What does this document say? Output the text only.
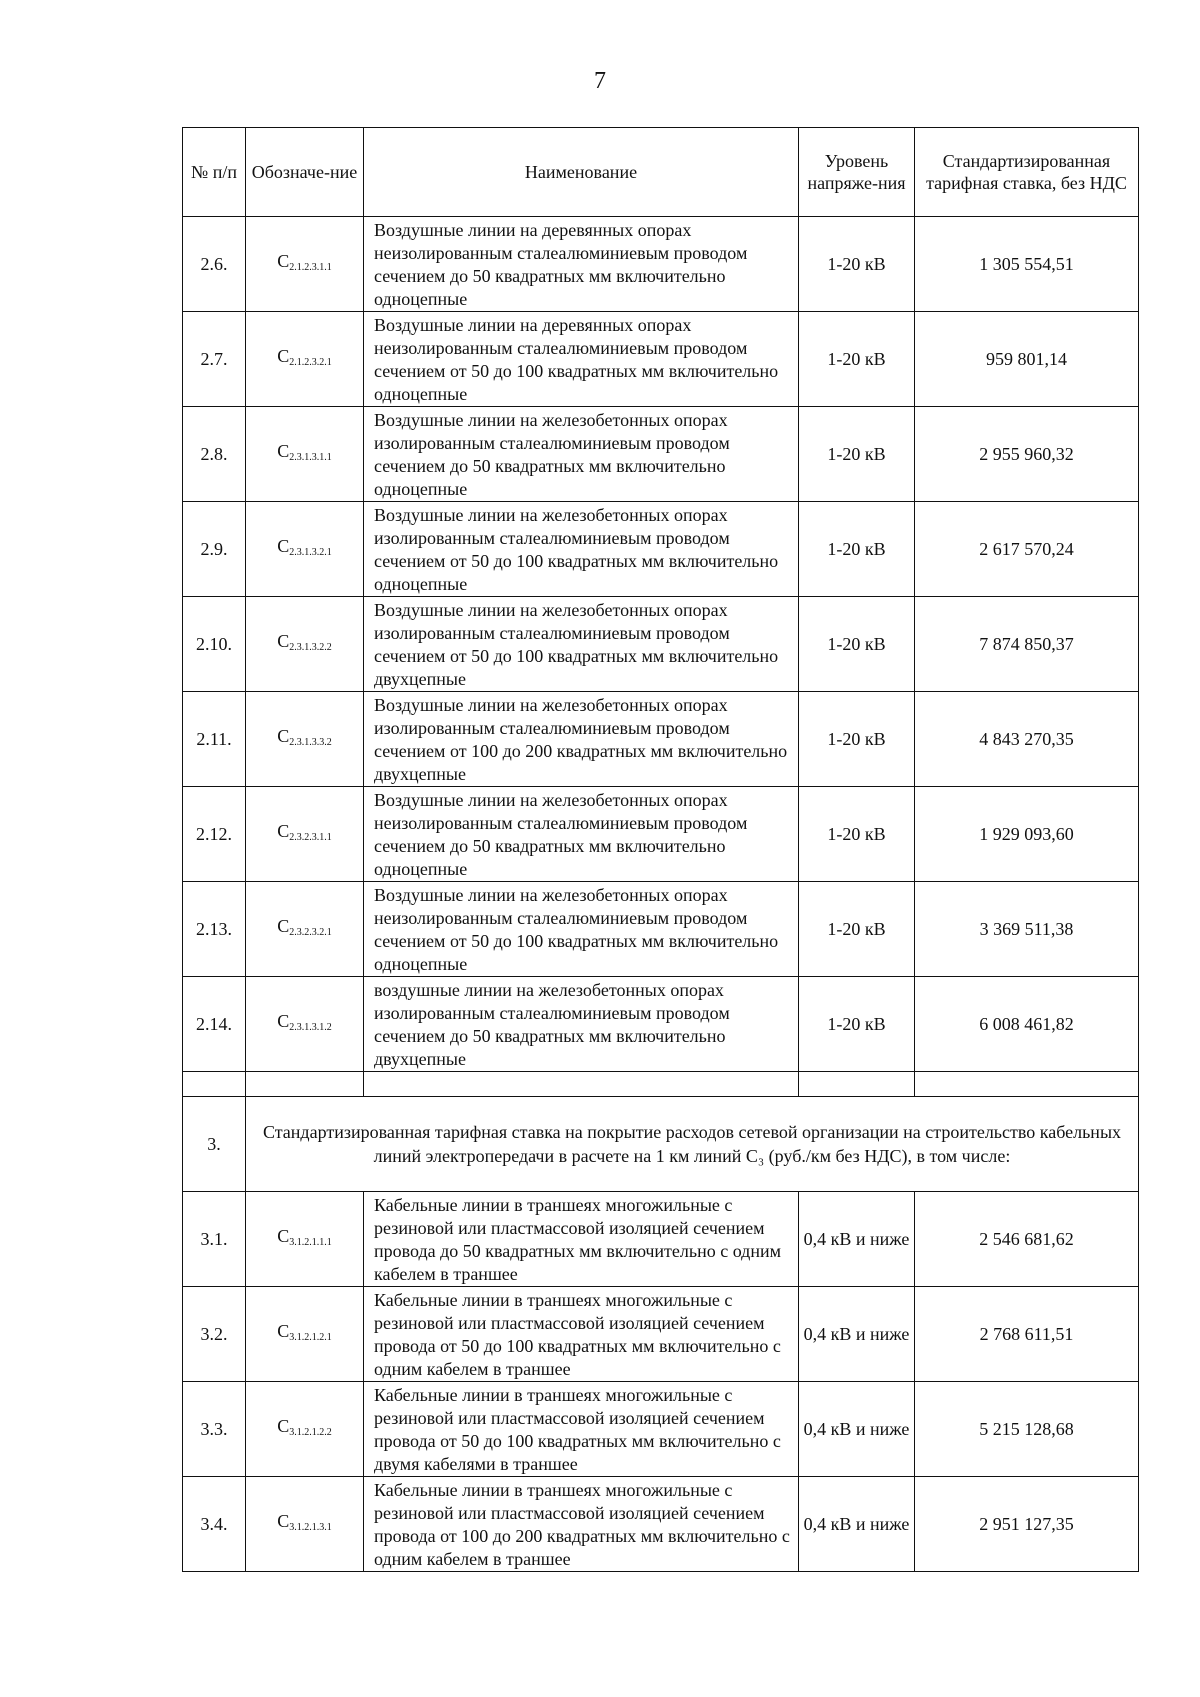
7
№ п/п	Обозначе-ние	Наименование	Уровень напряже-ния	Стандартизированная тарифная ставка, без НДС
2.6.	$С_{2.1.2.3.1.1}$	Воздушные линии на деревянных опорах неизолированным сталеалюминиевым проводом сечением до 50 квадратных мм включительно одноцепные	1-20 кВ	1 305 554,51
2.7.	$С_{2.1.2.3.2.1}$	Воздушные линии на деревянных опорах неизолированным сталеалюминиевым проводом сечением от 50 до 100 квадратных мм включительно одноцепные	1-20 кВ	959 801,14
2.8.	$С_{2.3.1.3.1.1}$	Воздушные линии на железобетонных опорах изолированным сталеалюминиевым проводом сечением до 50 квадратных мм включительно одноцепные	1-20 кВ	2 955 960,32
2.9.	$С_{2.3.1.3.2.1}$	Воздушные линии на железобетонных опорах изолированным сталеалюминиевым проводом сечением от 50 до 100 квадратных мм включительно одноцепные	1-20 кВ	2 617 570,24
2.10.	$С_{2.3.1.3.2.2}$	Воздушные линии на железобетонных опорах изолированным сталеалюминиевым проводом сечением от 50 до 100 квадратных мм включительно двухцепные	1-20 кВ	7 874 850,37
2.11.	$С_{2.3.1.3.3.2}$	Воздушные линии на железобетонных опорах изолированным сталеалюминиевым проводом сечением от 100 до 200 квадратных мм включительно двухцепные	1-20 кВ	4 843 270,35
2.12.	$С_{2.3.2.3.1.1}$	Воздушные линии на железобетонных опорах неизолированным сталеалюминиевым проводом сечением до 50 квадратных мм включительно одноцепные	1-20 кВ	1 929 093,60
2.13.	$С_{2.3.2.3.2.1}$	Воздушные линии на железобетонных опорах неизолированным сталеалюминиевым проводом сечением от 50 до 100 квадратных мм включительно одноцепные	1-20 кВ	3 369 511,38
2.14.	$С_{2.3.1.3.1.2}$	воздушные линии на железобетонных опорах изолированным сталеалюминиевым проводом сечением до 50 квадратных мм включительно двухцепные	1-20 кВ	6 008 461,82

3.	Стандартизированная тарифная ставка на покрытие расходов сетевой организации на строительство кабельных линий электропередачи в расчете на 1 км линий С₃ (руб./км без НДС), в том числе:			
3.1.	$С_{3.1.2.1.1.1}$	Кабельные линии в траншеях многожильные с резиновой или пластмассовой изоляцией сечением провода до 50 квадратных мм включительно с одним кабелем в траншее	0,4 кВ и ниже	2 546 681,62
3.2.	$С_{3.1.2.1.2.1}$	Кабельные линии в траншеях многожильные с резиновой или пластмассовой изоляцией сечением провода от 50 до 100 квадратных мм включительно с одним кабелем в траншее	0,4 кВ и ниже	2 768 611,51
3.3.	$С_{3.1.2.1.2.2}$	Кабельные линии в траншеях многожильные с резиновой или пластмассовой изоляцией сечением провода от 50 до 100 квадратных мм включительно с двумя кабелями в траншее	0,4 кВ и ниже	5 215 128,68
3.4.	$С_{3.1.2.1.3.1}$	Кабельные линии в траншеях многожильные с резиновой или пластмассовой изоляцией сечением провода от 100 до 200 квадратных мм включительно с одним кабелем в траншее	0,4 кВ и ниже	2 951 127,35
